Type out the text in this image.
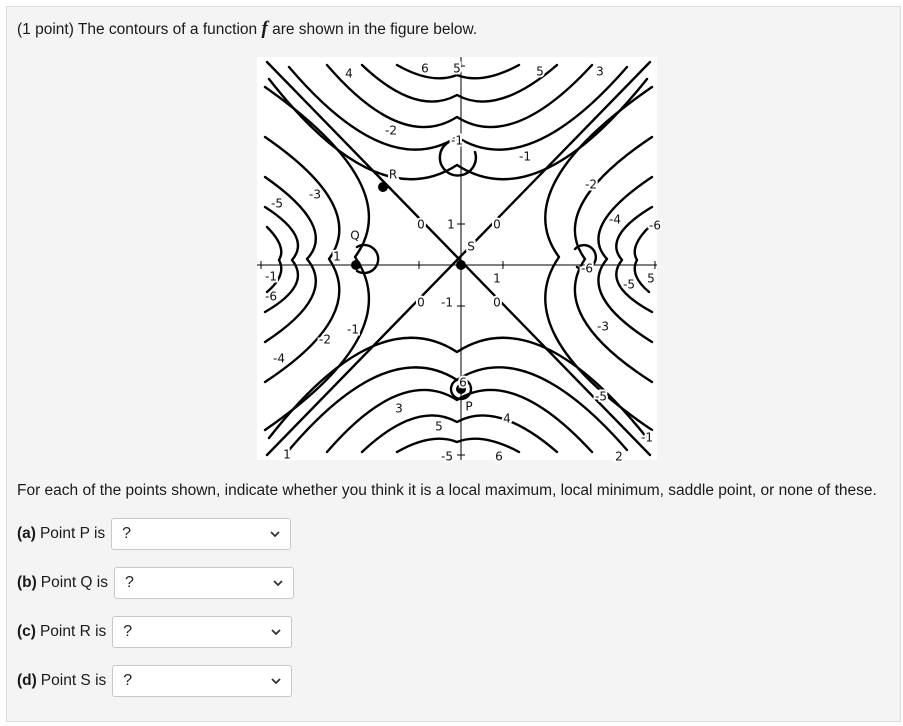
(1 point) The contours of a function f are shown in the figure below.
4	6 5	5	3
-2
-1
-1
R
-2
-5
-3
Q
1
0 1	0
S
-4 -6
-6
-5
-1	1	5
-6	0 -1	0
-5
-1	-3
-2
-4
6
P
3
5
4
-1
1	-5	6	2
For each of the points shown, indicate whether you think it is a local maximum, local minimum, saddle point, or none of these.
(a) Point P is ?
(b) Point Q is ?
(c) Point R is ?
(d) Point S is ?
